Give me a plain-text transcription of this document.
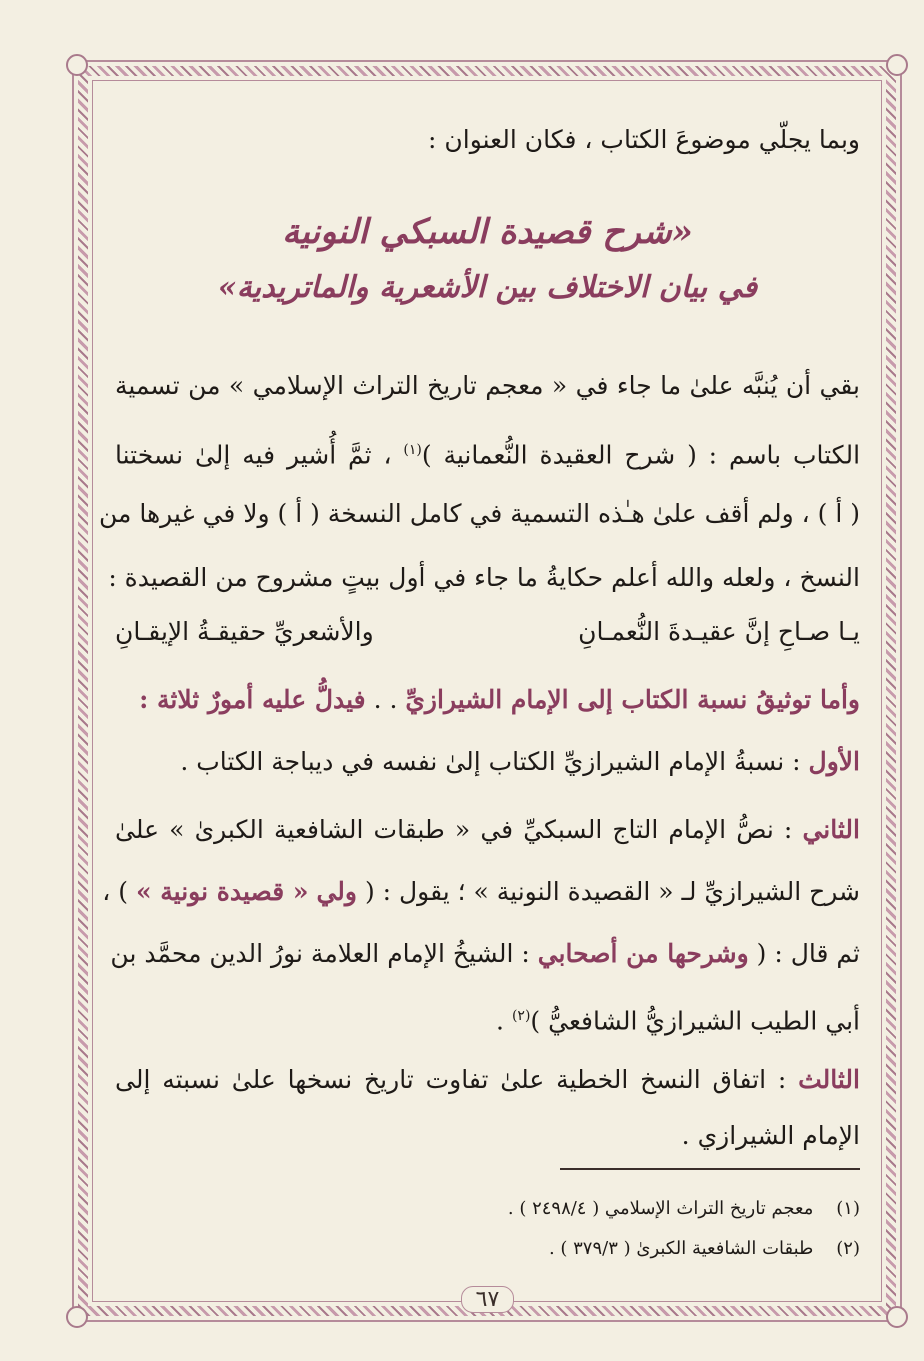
وبما يجلّي موضوعَ الكتاب ، فكان العنوان :
«شرح قصيدة السبكي النونية
في بيان الاختلاف بين الأشعرية والماتريدية»
بقي أن يُنبَّه علىٰ ما جاء في « معجم تاريخ التراث الإسلامي » من تسمية
الكتاب باسم : ( شرح العقيدة النُّعمانية )$^{(١)}$ ، ثمَّ أُشير فيه إلىٰ نسختنا
( أ ) ، ولم أقف علىٰ هـٰذه التسمية في كامل النسخة ( أ ) ولا في غيرها من
النسخ ، ولعله والله أعلم حكايةُ ما جاء في أول بيتٍ مشروح من القصيدة :
يـا صـاحِ إنَّ عقيـدةَ النُّعمـانِ
والأشعريِّ حقيقـةُ الإيقـانِ
وأما توثيقُ نسبة الكتاب إلى الإمام الشيرازيِّ . . فيدلُّ عليه أمورٌ ثلاثة :
الأول : نسبةُ الإمام الشيرازيِّ الكتاب إلىٰ نفسه في ديباجة الكتاب .
الثاني : نصُّ الإمام التاج السبكيِّ في « طبقات الشافعية الكبرىٰ » علىٰ
شرح الشيرازيِّ لـ « القصيدة النونية » ؛ يقول : ( ولي « قصيدة نونية » ) ،
ثم قال : ( وشرحها من أصحابي : الشيخُ الإمام العلامة نورُ الدين محمَّد بن
أبي الطيب الشيرازيُّ الشافعيُّ )$^{(٢)}$ .
الثالث : اتفاق النسخ الخطية علىٰ تفاوت تاريخ نسخها علىٰ نسبته إلى
الإمام الشيرازي .
(١)    معجم تاريخ التراث الإسلامي ( ٢٤٩٨/٤ ) .
(٢)    طبقات الشافعية الكبرىٰ ( ٣٧٩/٣ ) .
٦٧
